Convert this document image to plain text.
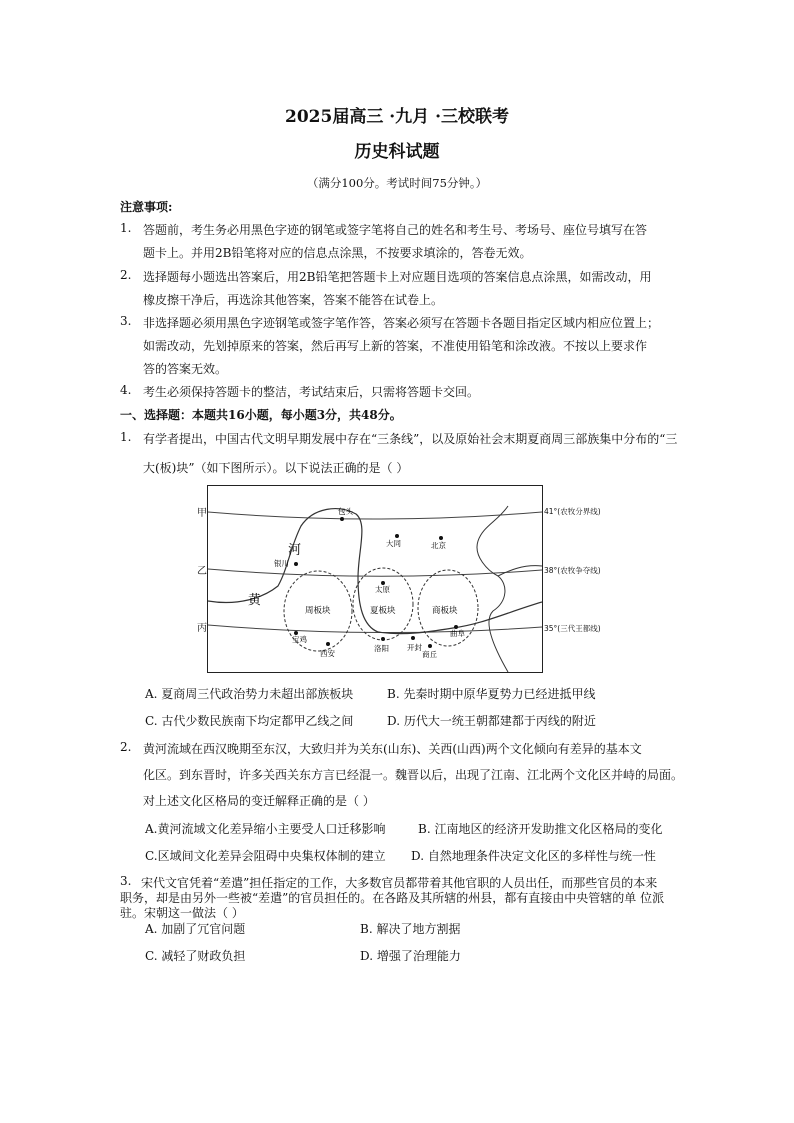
2025届高三 ·九月 ·三校联考
历史科试题
（满分100分。考试时间75分钟。）
注意事项:
1. 答题前，考生务必用黑色字迹的钢笔或签字笔将自己的姓名和考生号、考场号、座位号填写在答
题卡上。并用2B铅笔将对应的信息点涂黑，不按要求填涂的，答卷无效。
2. 选择题每小题选出答案后，用2B铅笔把答题卡上对应题目选项的答案信息点涂黑，如需改动，用
橡皮擦干净后，再选涂其他答案，答案不能答在试卷上。
3. 非选择题必须用黑色字迹钢笔或签字笔作答，答案必须写在答题卡各题目指定区域内相应位置上；
如需改动，先划掉原来的答案，然后再写上新的答案，不准使用铅笔和涂改液。不按以上要求作
答的答案无效。
4. 考生必须保持答题卡的整洁，考试结束后，只需将答题卡交回。
一、选择题：本题共16小题，每小题3分，共48分。
1. 有学者提出，中国古代文明早期发展中存在“三条线”，以及原始社会末期夏商周三部族集中分布的“三
大(板)块”（如下图所示）。以下说法正确的是（ ）
河
黄
包头
大同	北京
银川
太原
宝鸡
西安
洛阳 开封
商丘
曲阜
周板块	夏板块	商板块
甲
乙
丙
41°(农牧分界线)
38°(农牧争夺线)
35°(三代王都线)
A. 夏商周三代政治势力未超出部族板块	B. 先秦时期中原华夏势力已经进抵甲线
C. 古代少数民族南下均定都甲乙线之间	D. 历代大一统王朝都建都于丙线的附近
2. 黄河流域在西汉晚期至东汉，大致归并为关东(山东)、关西(山西)两个文化倾向有差异的基本文
化区。到东晋时，许多关西关东方言已经混一。魏晋以后，出现了江南、江北两个文化区并峙的局面。
对上述文化区格局的变迁解释正确的是（ ）
A.黄河流域文化差异缩小主要受人口迁移影响	B. 江南地区的经济开发助推文化区格局的变化
C.区域间文化差异会阻碍中央集权体制的建立 D. 自然地理条件决定文化区的多样性与统一性
3. 宋代文官凭着“差遣”担任指定的工作，大多数官员都带着其他官职的人员出任，而那些官员的本来
职务，却是由另外一些被“差遣”的官员担任的。在各路及其所辖的州县，都有直接由中央管辖的单 位派
驻。宋朝这一做法（ ）
A. 加剧了冗官问题	B. 解决了地方割据
C. 减轻了财政负担	D. 增强了治理能力
